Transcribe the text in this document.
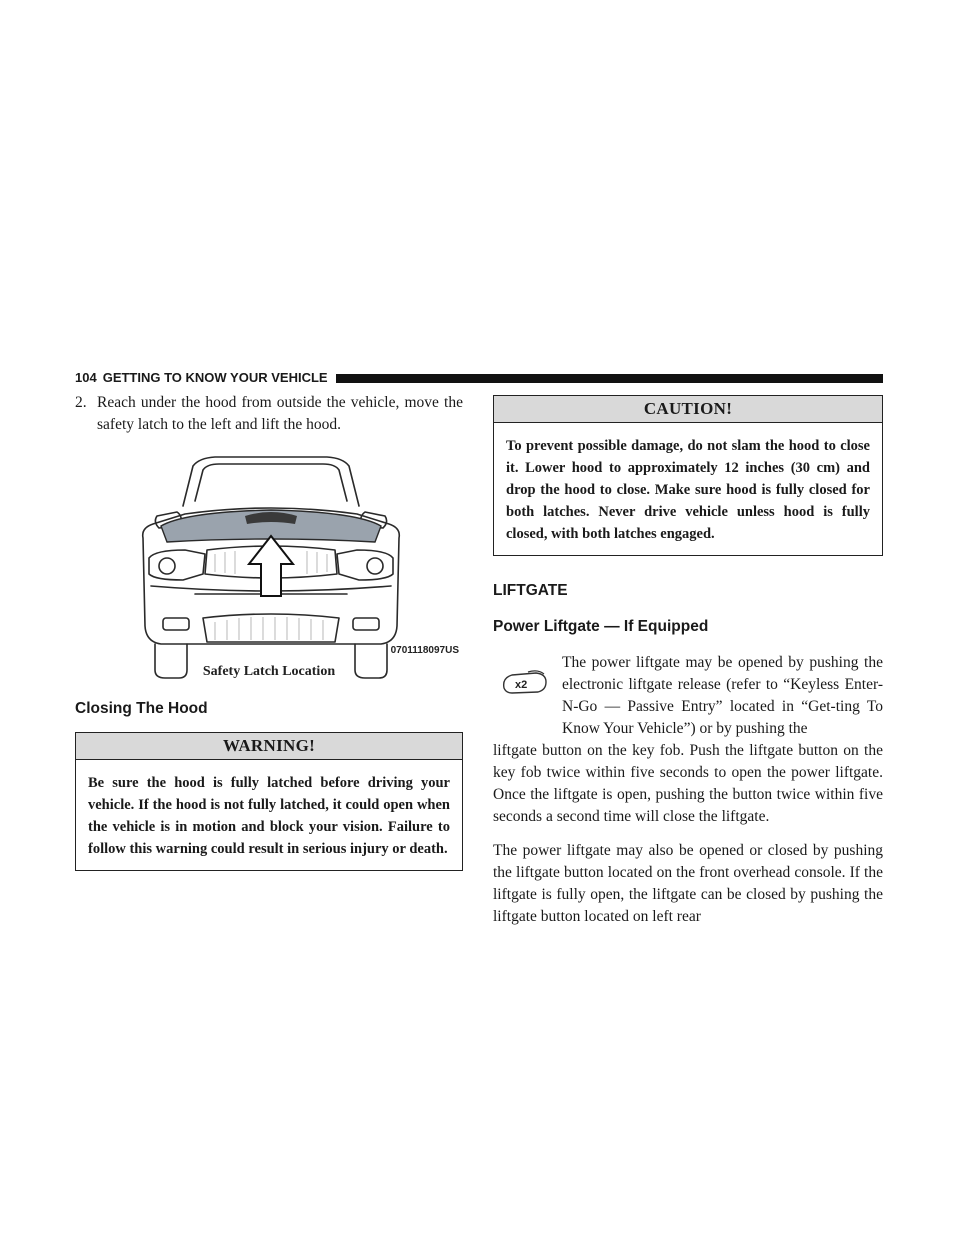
104 GETTING TO KNOW YOUR VEHICLE

2. Reach under the hood from outside the vehicle, move the safety latch to the left and lift the hood.

0701118097US
Safety Latch Location
Closing The Hood
WARNING!
Be sure the hood is fully latched before driving your vehicle. If the hood is not fully latched, it could open when the vehicle is in motion and block your vision. Failure to follow this warning could result in serious injury or death.
CAUTION!
To prevent possible damage, do not slam the hood to close it. Lower hood to approximately 12 inches (30 cm) and drop the hood to close. Make sure hood is fully closed for both latches. Never drive vehicle unless hood is fully closed, with both latches engaged.
LIFTGATE
Power Liftgate — If Equipped
x2

The power liftgate may be opened by pushing the electronic liftgate release (refer to “Keyless Enter-N-Go — Passive Entry” located in “Get-ting To Know Your Vehicle”) or by pushing the

liftgate button on the key fob. Push the liftgate button on the key fob twice within five seconds to open the power liftgate. Once the liftgate is open, pushing the button twice within five seconds a second time will close the liftgate.

The power liftgate may also be opened or closed by pushing the liftgate button located on the front overhead console. If the liftgate is fully open, the liftgate can be closed by pushing the liftgate button located on left rear
